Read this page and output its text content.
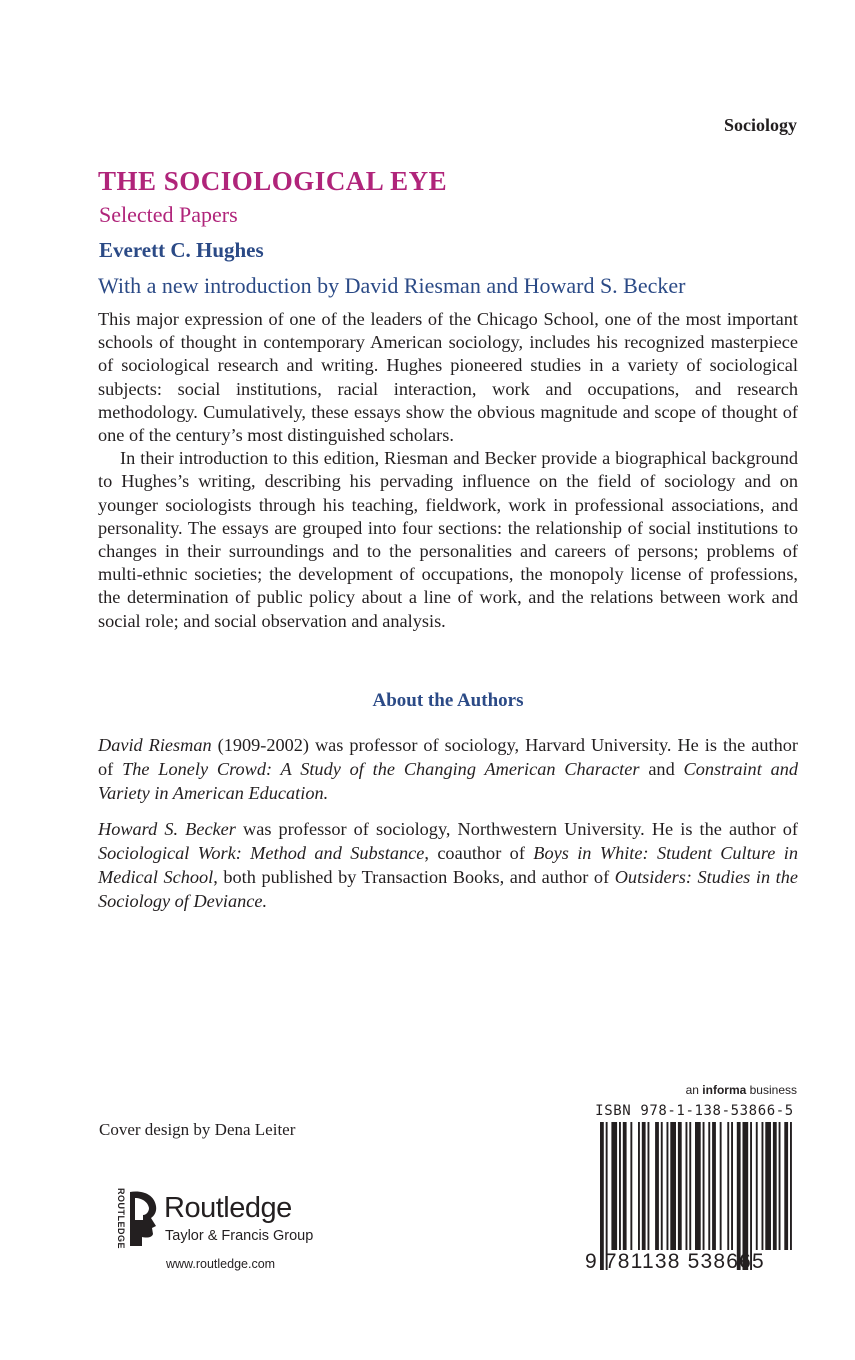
Sociology
THE SOCIOLOGICAL EYE
Selected Papers
Everett C. Hughes
With a new introduction by David Riesman and Howard S. Becker

This major expression of one of the leaders of the Chicago School, one of the most important schools of thought in contemporary American sociology, includes his recognized masterpiece of sociological research and writing. Hughes pioneered studies in a variety of sociological subjects: social institutions, racial interaction, work and occupations, and research methodology. Cumulatively, these essays show the obvious magnitude and scope of thought of one of the century’s most distinguished scholars.

In their introduction to this edition, Riesman and Becker provide a biographical background to Hughes’s writing, describing his pervading influence on the field of sociology and on younger sociologists through his teaching, fieldwork, work in professional associations, and personality. The essays are grouped into four sections: the relationship of social institutions to changes in their surroundings and to the personalities and careers of persons; problems of multi-ethnic societies; the development of occupations, the monopoly license of professions, the determination of public policy about a line of work, and the relations between work and social role; and social observation and analysis.

About the Authors

David Riesman (1909-2002) was professor of sociology, Harvard University. He is the author of The Lonely Crowd: A Study of the Changing American Character and Constraint and Variety in American Education.

Howard S. Becker was professor of sociology, Northwestern University. He is the author of Sociological Work: Method and Substance, coauthor of Boys in White: Student Culture in Medical School, both published by Transaction Books, and author of Outsiders: Studies in the Sociology of Deviance.

Cover design by Dena Leiter
ROUTLEDGE Routledge
Taylor & Francis Group
www.routledge.com
an informa business
ISBN 978-1-138-53866-5
9 781138 538665
